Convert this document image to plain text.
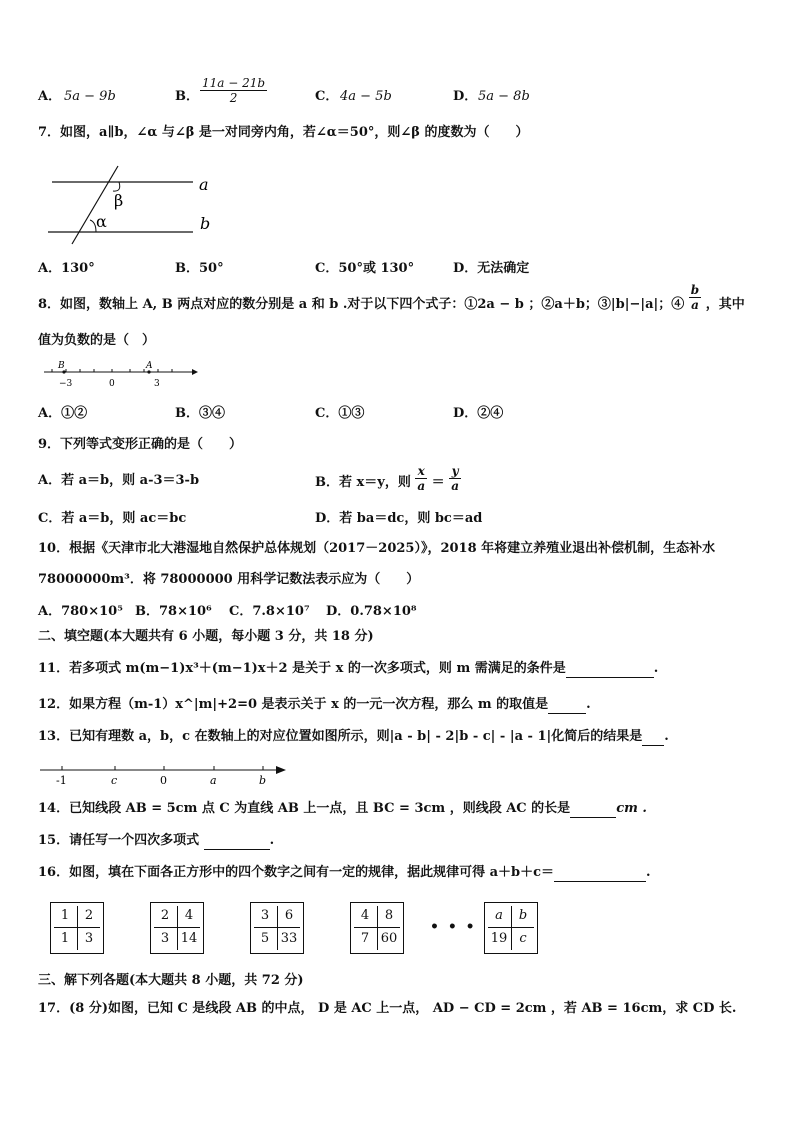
A． 5a − 9b	B． $\frac{11a - 21b}{2}$	C． 4a − 5b	D． 5a − 8b
7．如图，a∥b，∠α 与∠β 是一对同旁内角，若∠α＝50°，则∠β 的度数为（　　）
a
b
β
α
A．130°	B．50°	C．50°或 130°	D．无法确定
8．如图，数轴上 A, B 两点对应的数分别是 a 和 b .对于以下四个式子：①2a − b ；②a＋b；③|b|−|a|；④ $\frac{b}{a}$ ，其中
值为负数的是（　）
B	A
−3	0	3
A．①②	B．③④	C．①③	D．②④
9．下列等式变形正确的是（　　）
A．若 a＝b，则 a-3＝3-b	B．若 x＝y，则 $\frac{x}{a} = \frac{y}{a}$
C．若 a＝b，则 ac＝bc	D．若 ba＝dc，则 bc＝ad
10．根据《天津市北大港湿地自然保护总体规划（2017－2025）》，2018 年将建立养殖业退出补偿机制，生态补水
78000000m³．将 78000000 用科学记数法表示应为（　　）
A．780×10⁵ B．78×10⁶ C．7.8×10⁷ D．0.78×10⁸
二、填空题(本大题共有 6 小题，每小题 3 分，共 18 分)
11．若多项式 m(m−1)x³＋(m−1)x＋2 是关于 x 的一次多项式，则 m 需满足的条件是	.
12．如果方程（m-1）x^|m|+2=0 是表示关于 x 的一元一次方程，那么 m 的取值是	.
13．已知有理数 a，b，c 在数轴上的对应位置如图所示，则|a - b| - 2|b - c| - |a - 1|化简后的结果是 .
-1	c	0	a	b
14．已知线段 AB = 5cm 点 C 为直线 AB 上一点，且 BC = 3cm ，则线段 AC 的长是	cm .
15．请任写一个四次多项式	.
16．如图，填在下面各正方形中的四个数字之间有一定的规律，据此规律可得 a＋b＋c＝	.
1	2
1	3
2	4
3 14
3	6
5 33
4	8
7 60
a	b
19 c
• • •
三、解下列各题(本大题共 8 小题，共 72 分)
17．(8 分)如图，已知 C 是线段 AB 的中点， D 是 AC 上一点， AD − CD = 2cm ，若 AB = 16cm，求 CD 长.
